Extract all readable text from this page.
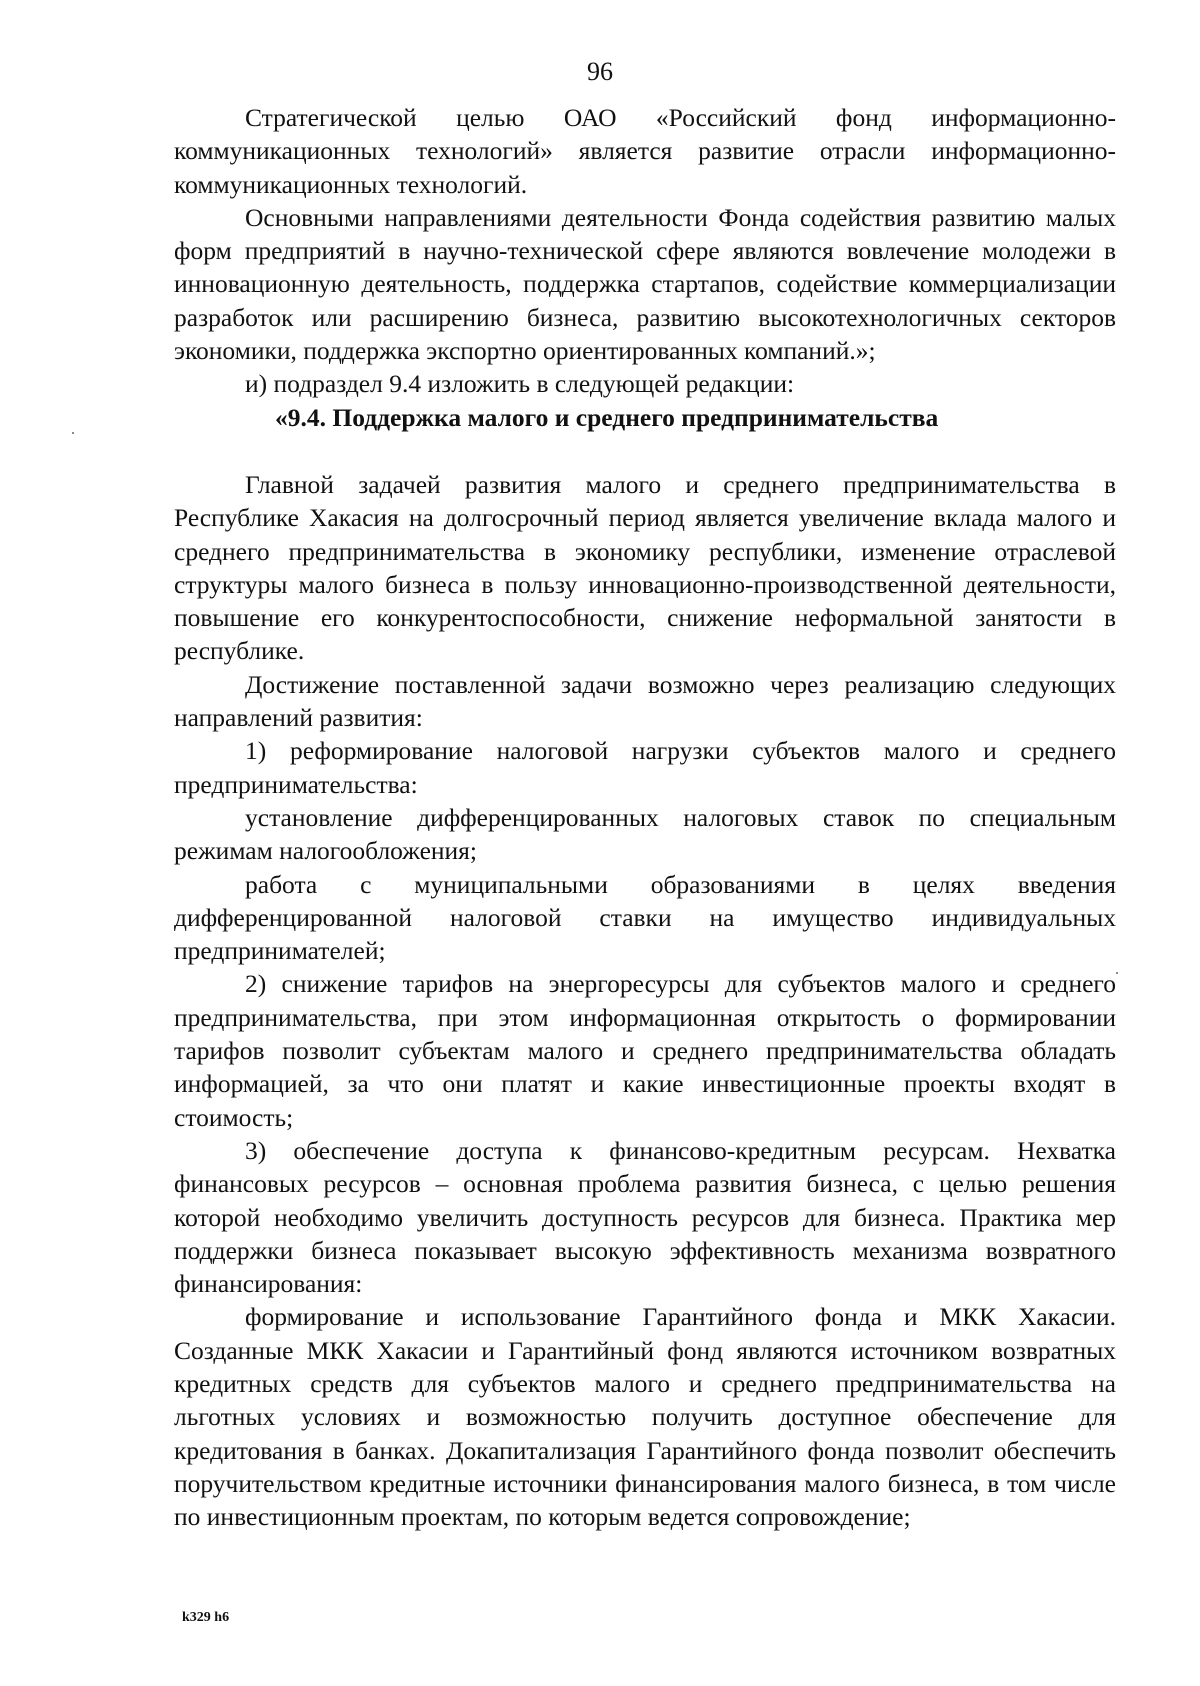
96

Стратегической целью ОАО «Российский фонд информационно-коммуникационных технологий» является развитие отрасли информационно-коммуникационных технологий.

Основными направлениями деятельности Фонда содействия развитию малых форм предприятий в научно-технической сфере являются вовлечение молодежи в инновационную деятельность, поддержка стартапов, содействие коммерциализации разработок или расширению бизнеса, развитию высокотехнологичных секторов экономики, поддержка экспортно ориентированных компаний.»;

и) подраздел 9.4 изложить в следующей редакции:

«9.4. Поддержка малого и среднего предпринимательства

Главной задачей развития малого и среднего предпринимательства в Республике Хакасия на долгосрочный период является увеличение вклада малого и среднего предпринимательства в экономику республики, изменение отраслевой структуры малого бизнеса в пользу инновационно-производственной деятельности, повышение его конкурентоспособности, снижение неформальной занятости в республике.

Достижение поставленной задачи возможно через реализацию следующих направлений развития:

1) реформирование налоговой нагрузки субъектов малого и среднего предпринимательства:

установление дифференцированных налоговых ставок по специальным режимам налогообложения;

работа с муниципальными образованиями в целях введения дифференцированной налоговой ставки на имущество индивидуальных предпринимателей;

2) снижение тарифов на энергоресурсы для субъектов малого и среднего предпринимательства, при этом информационная открытость о формировании тарифов позволит субъектам малого и среднего предпринимательства обладать информацией, за что они платят и какие инвестиционные проекты входят в стоимость;

3) обеспечение доступа к финансово-кредитным ресурсам. Нехватка финансовых ресурсов – основная проблема развития бизнеса, с целью решения которой необходимо увеличить доступность ресурсов для бизнеса. Практика мер поддержки бизнеса показывает высокую эффективность механизма возвратного финансирования:

формирование и использование Гарантийного фонда и МКК Хакасии. Созданные МКК Хакасии и Гарантийный фонд являются источником возвратных кредитных средств для субъектов малого и среднего предпринимательства на льготных условиях и возможностью получить доступное обеспечение для кредитования в банках. Докапитализация Гарантийного фонда позволит обеспечить поручительством кредитные источники финансирования малого бизнеса, в том числе по инвестиционным проектам, по которым ведется сопровождение;

k329 h6
